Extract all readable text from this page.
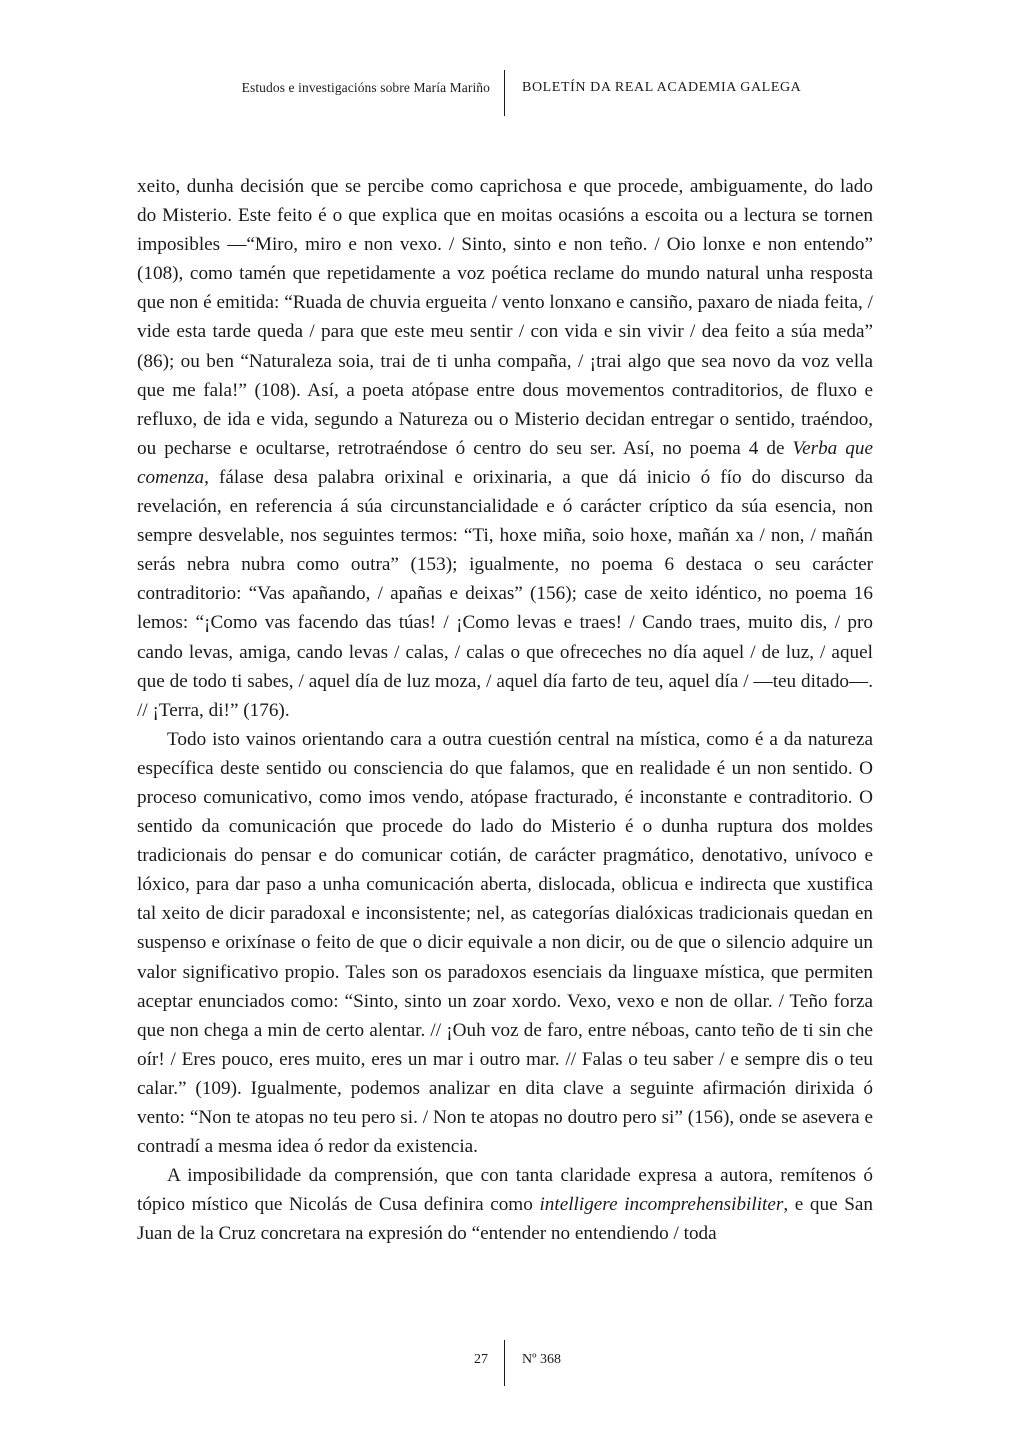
Estudos e investigacións sobre María Mariño BOLETÍN DA REAL ACADEMIA GALEGA

xeito, dunha decisión que se percibe como caprichosa e que procede, ambiguamente, do lado do Misterio. Este feito é o que explica que en moitas ocasións a escoita ou a lectura se tornen imposibles —“Miro, miro e non vexo. / Sinto, sinto e non teño. / Oio lonxe e non entendo” (108), como tamén que repetidamente a voz poética reclame do mundo natural unha resposta que non é emitida: “Ruada de chuvia ergueita / vento lonxano e cansiño, paxaro de niada feita, / vide esta tarde queda / para que este meu sentir / con vida e sin vivir / dea feito a súa meda” (86); ou ben “Naturaleza soia, trai de ti unha compaña, / ¡trai algo que sea novo da voz vella que me fala!” (108). Así, a poeta atópase entre dous movementos contraditorios, de fluxo e refluxo, de ida e vida, segundo a Natureza ou o Misterio decidan entregar o sentido, traéndoo, ou pecharse e ocultarse, retrotraéndose ó centro do seu ser. Así, no poema 4 de Verba que comenza, fálase desa palabra orixinal e orixinaria, a que dá inicio ó fío do discurso da revelación, en referencia á súa circunstancialidade e ó carácter críptico da súa esencia, non sempre desvelable, nos seguintes termos: “Ti, hoxe miña, soio hoxe, mañán xa / non, / mañán serás nebra nubra como outra” (153); igualmente, no poema 6 destaca o seu carácter contraditorio: “Vas apañando, / apañas e deixas” (156); case de xeito idéntico, no poema 16 lemos: “¡Como vas facendo das túas! / ¡Como levas e traes! / Cando traes, muito dis, / pro cando levas, amiga, cando levas / calas, / calas o que ofreceches no día aquel / de luz, / aquel que de todo ti sabes, / aquel día de luz moza, / aquel día farto de teu, aquel día / —teu ditado—. // ¡Terra, di!” (176).

Todo isto vainos orientando cara a outra cuestión central na mística, como é a da natureza específica deste sentido ou consciencia do que falamos, que en realidade é un non sentido. O proceso comunicativo, como imos vendo, atópase fracturado, é inconstante e contraditorio. O sentido da comunicación que procede do lado do Misterio é o dunha ruptura dos moldes tradicionais do pensar e do comunicar cotián, de carácter pragmático, denotativo, unívoco e lóxico, para dar paso a unha comunicación aberta, dislocada, oblicua e indirecta que xustifica tal xeito de dicir paradoxal e inconsistente; nel, as categorías dialóxicas tradicionais quedan en suspenso e orixínase o feito de que o dicir equivale a non dicir, ou de que o silencio adquire un valor significativo propio. Tales son os paradoxos esenciais da linguaxe mística, que permiten aceptar enunciados como: “Sinto, sinto un zoar xordo. Vexo, vexo e non de ollar. / Teño forza que non chega a min de certo alentar. // ¡Ouh voz de faro, entre néboas, canto teño de ti sin che oír! / Eres pouco, eres muito, eres un mar i outro mar. // Falas o teu saber / e sempre dis o teu calar.” (109). Igualmente, podemos analizar en dita clave a seguinte afirmación dirixida ó vento: “Non te atopas no teu pero si. / Non te atopas no doutro pero si” (156), onde se asevera e contradí a mesma idea ó redor da existencia.

A imposibilidade da comprensión, que con tanta claridade expresa a autora, remítenos ó tópico místico que Nicolás de Cusa definira como intelligere incomprehensibiliter, e que San Juan de la Cruz concretara na expresión do “entender no entendiendo / toda

27 Nº 368
